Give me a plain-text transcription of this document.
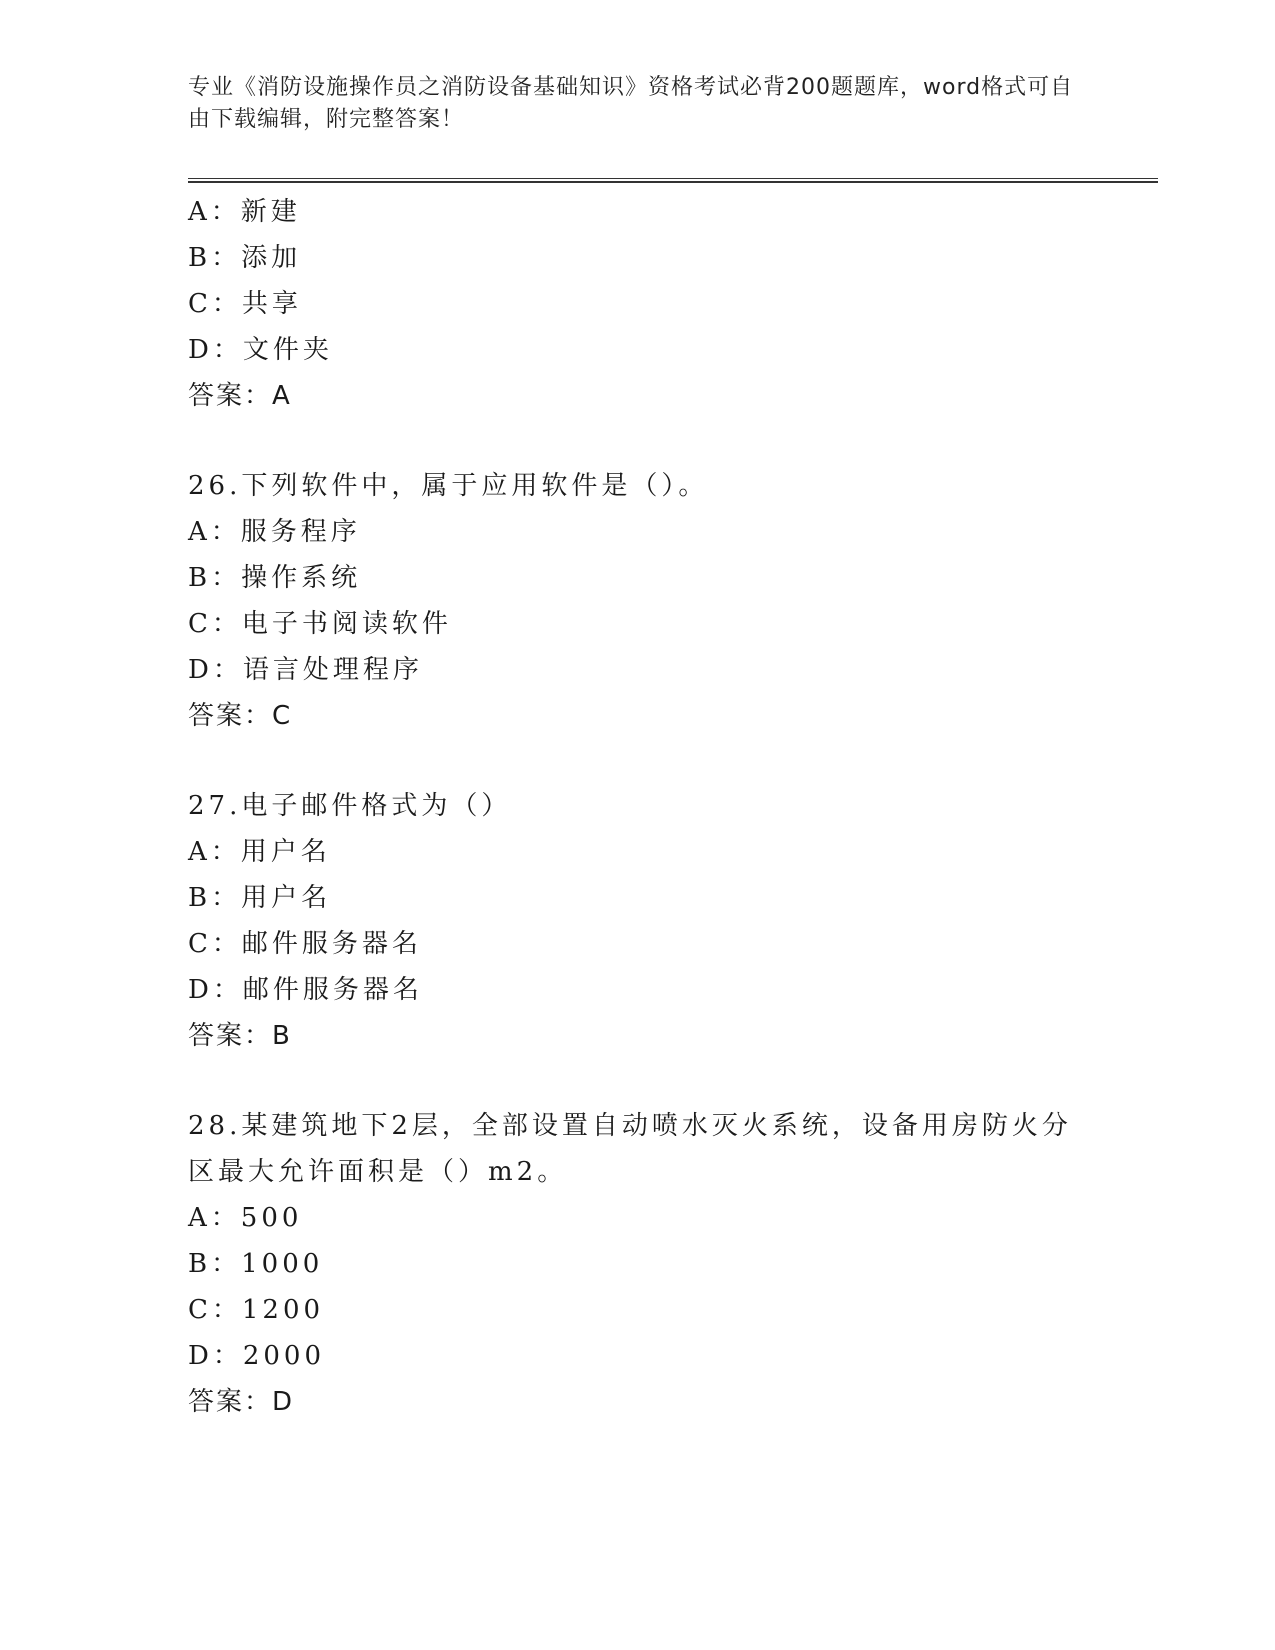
专业《消防设施操作员之消防设备基础知识》资格考试必背200题题库，word格式可自由下载编辑，附完整答案！
A：新建
B：添加
C：共享
D：文件夹
答案：A
26.下列软件中，属于应用软件是（）。
A：服务程序
B：操作系统
C：电子书阅读软件
D：语言处理程序
答案：C
27.电子邮件格式为（）
A：用户名
B：用户名
C：邮件服务器名
D：邮件服务器名
答案：B
28.某建筑地下2层，全部设置自动喷水灭火系统，设备用房防火分区最大允许面积是（）m2。
A：500
B：1000
C：1200
D：2000
答案：D
